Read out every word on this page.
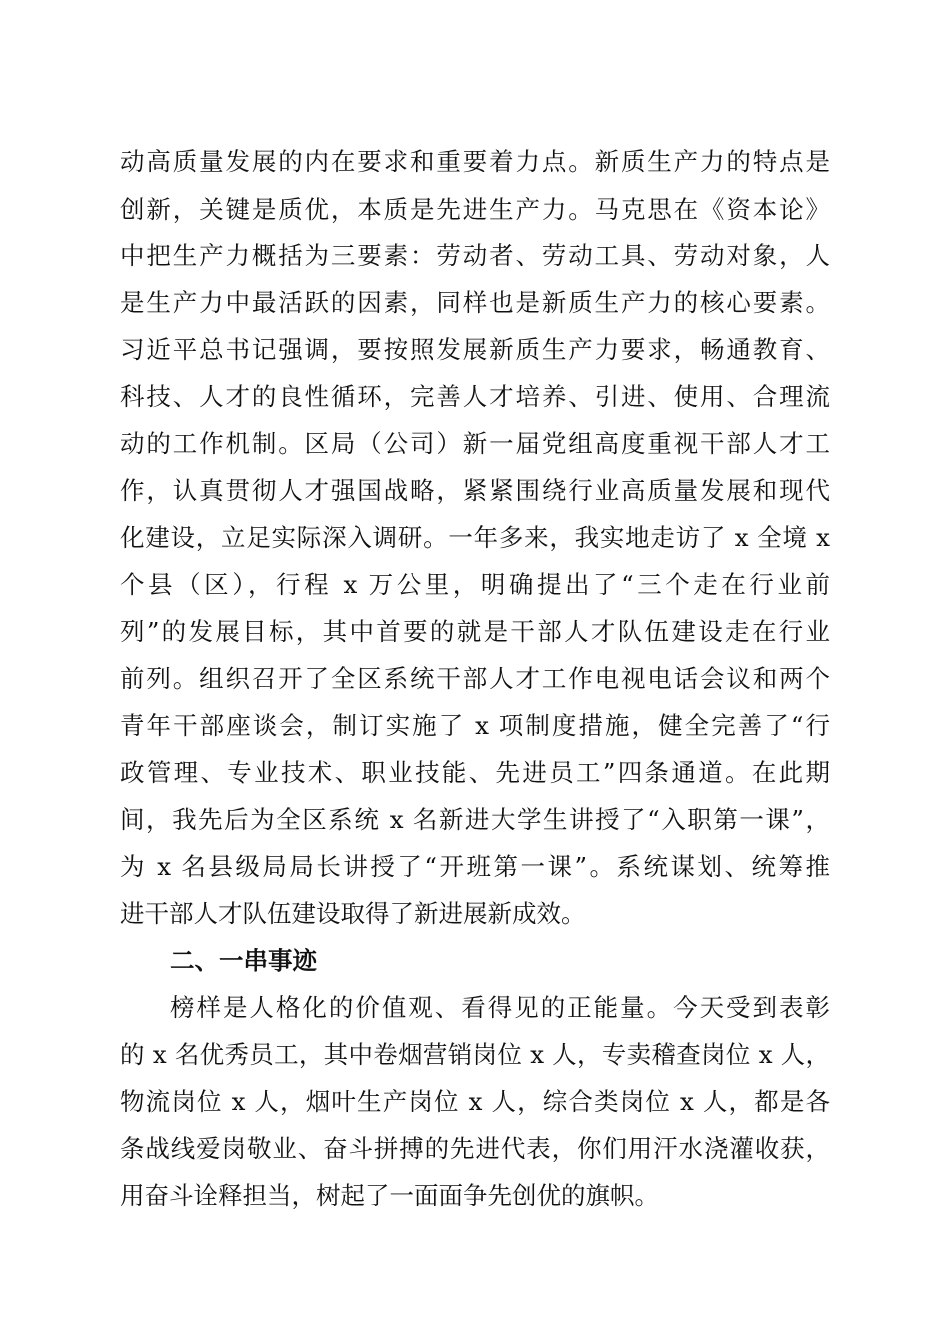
动高质量发展的内在要求和重要着力点。新质生产力的特点是
创新，关键是质优，本质是先进生产力。马克思在《资本论》
中把生产力概括为三要素：劳动者、劳动工具、劳动对象，人
是生产力中最活跃的因素，同样也是新质生产力的核心要素。
习近平总书记强调，要按照发展新质生产力要求，畅通教育、
科技、人才的良性循环，完善人才培养、引进、使用、合理流
动的工作机制。区局（公司）新一届党组高度重视干部人才工
作，认真贯彻人才强国战略，紧紧围绕行业高质量发展和现代
化建设，立足实际深入调研。一年多来，我实地走访了 x 全境 x
个县（区），行程 x 万公里，明确提出了“三个走在行业前
列”的发展目标，其中首要的就是干部人才队伍建设走在行业
前列。组织召开了全区系统干部人才工作电视电话会议和两个
青年干部座谈会，制订实施了 x 项制度措施，健全完善了“行
政管理、专业技术、职业技能、先进员工”四条通道。在此期
间，我先后为全区系统 x 名新进大学生讲授了“入职第一课”，
为 x 名县级局局长讲授了“开班第一课”。系统谋划、统筹推
进干部人才队伍建设取得了新进展新成效。
二、一串事迹
榜样是人格化的价值观、看得见的正能量。今天受到表彰
的 x 名优秀员工，其中卷烟营销岗位 x 人，专卖稽查岗位 x 人，
物流岗位 x 人，烟叶生产岗位 x 人，综合类岗位 x 人，都是各
条战线爱岗敬业、奋斗拼搏的先进代表，你们用汗水浇灌收获，
用奋斗诠释担当，树起了一面面争先创优的旗帜。
